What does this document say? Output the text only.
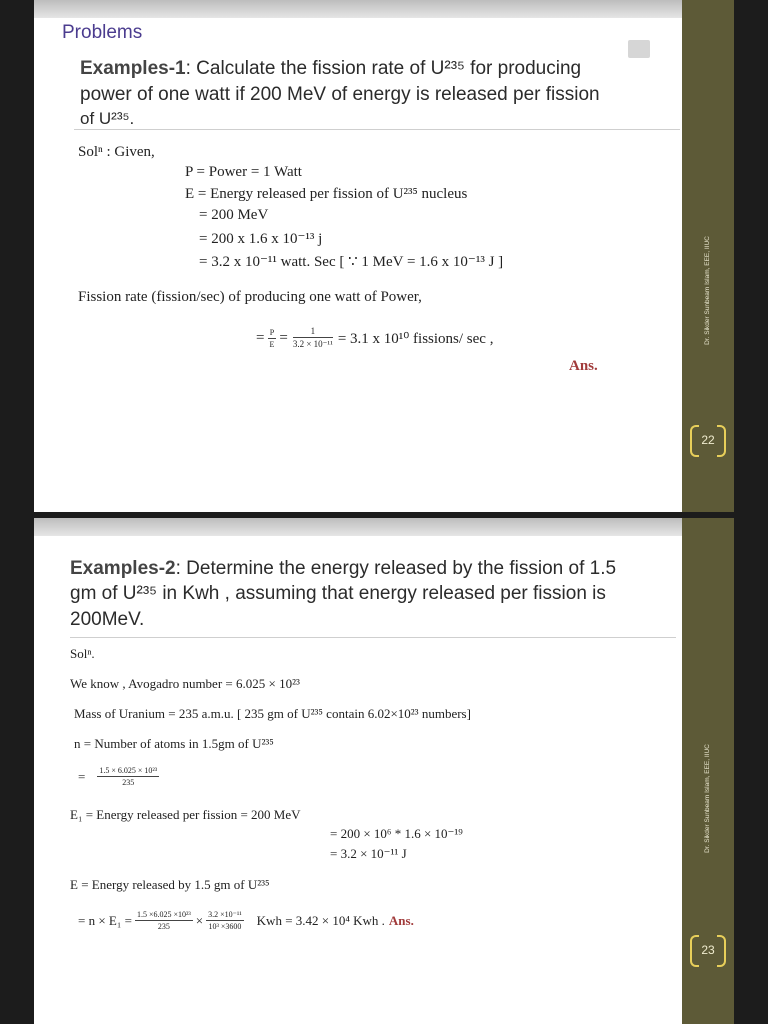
Problems
Examples-1: Calculate the fission rate of U²³⁵ for producing
power of one watt if 200 MeV of energy is released per fission
of U²³⁵.
Solⁿ : Given,
P = Power = 1 Watt
E = Energy released per fission of U²³⁵ nucleus
= 200 MeV
= 200 x 1.6 x 10⁻¹³ j
= 3.2 x 10⁻¹¹ watt. Sec [ ∵ 1 MeV = 1.6 x 10⁻¹³ J ]
Fission rate (fission/sec) of producing one watt of Power,
= $\frac{P}{E} = \frac{1}{\text{3.2 × 10⁻¹¹}} = 3.1$ x 10¹⁰ fissions/ sec ,
Ans.
Dr. Sikder Sunbeam Islam, EEE, IIUC
22
Examples-2: Determine the energy released by the fission of 1.5
gm of U²³⁵ in Kwh , assuming that energy released per fission is
200MeV.
Solⁿ.
We know , Avogadro number = 6.025 × 10²³
Mass of Uranium = 235 a.m.u. [ 235 gm of U²³⁵ contain 6.02×10²³ numbers]
n = Number of atoms in 1.5gm of U²³⁵
= $\frac{\text{1.5 × 6.025 × 10²³}}{235}$
E₁ = Energy released per fission = 200 MeV
= 200 × 10⁶ * 1.6 × 10⁻¹⁹
= 3.2 × 10⁻¹¹ J
E = Energy released by 1.5 gm of U²³⁵
= $n \times E_1 = \frac{\text{1.5 ×6.025 ×10²³}}{235} \times \frac{\text{3.2 ×10⁻¹¹}}{\text{10³ ×3600}}$ Kwh = 3.42 × 10⁴ Kwh . Ans.
Dr. Sikder Sunbeam Islam, EEE, IIUC
23
